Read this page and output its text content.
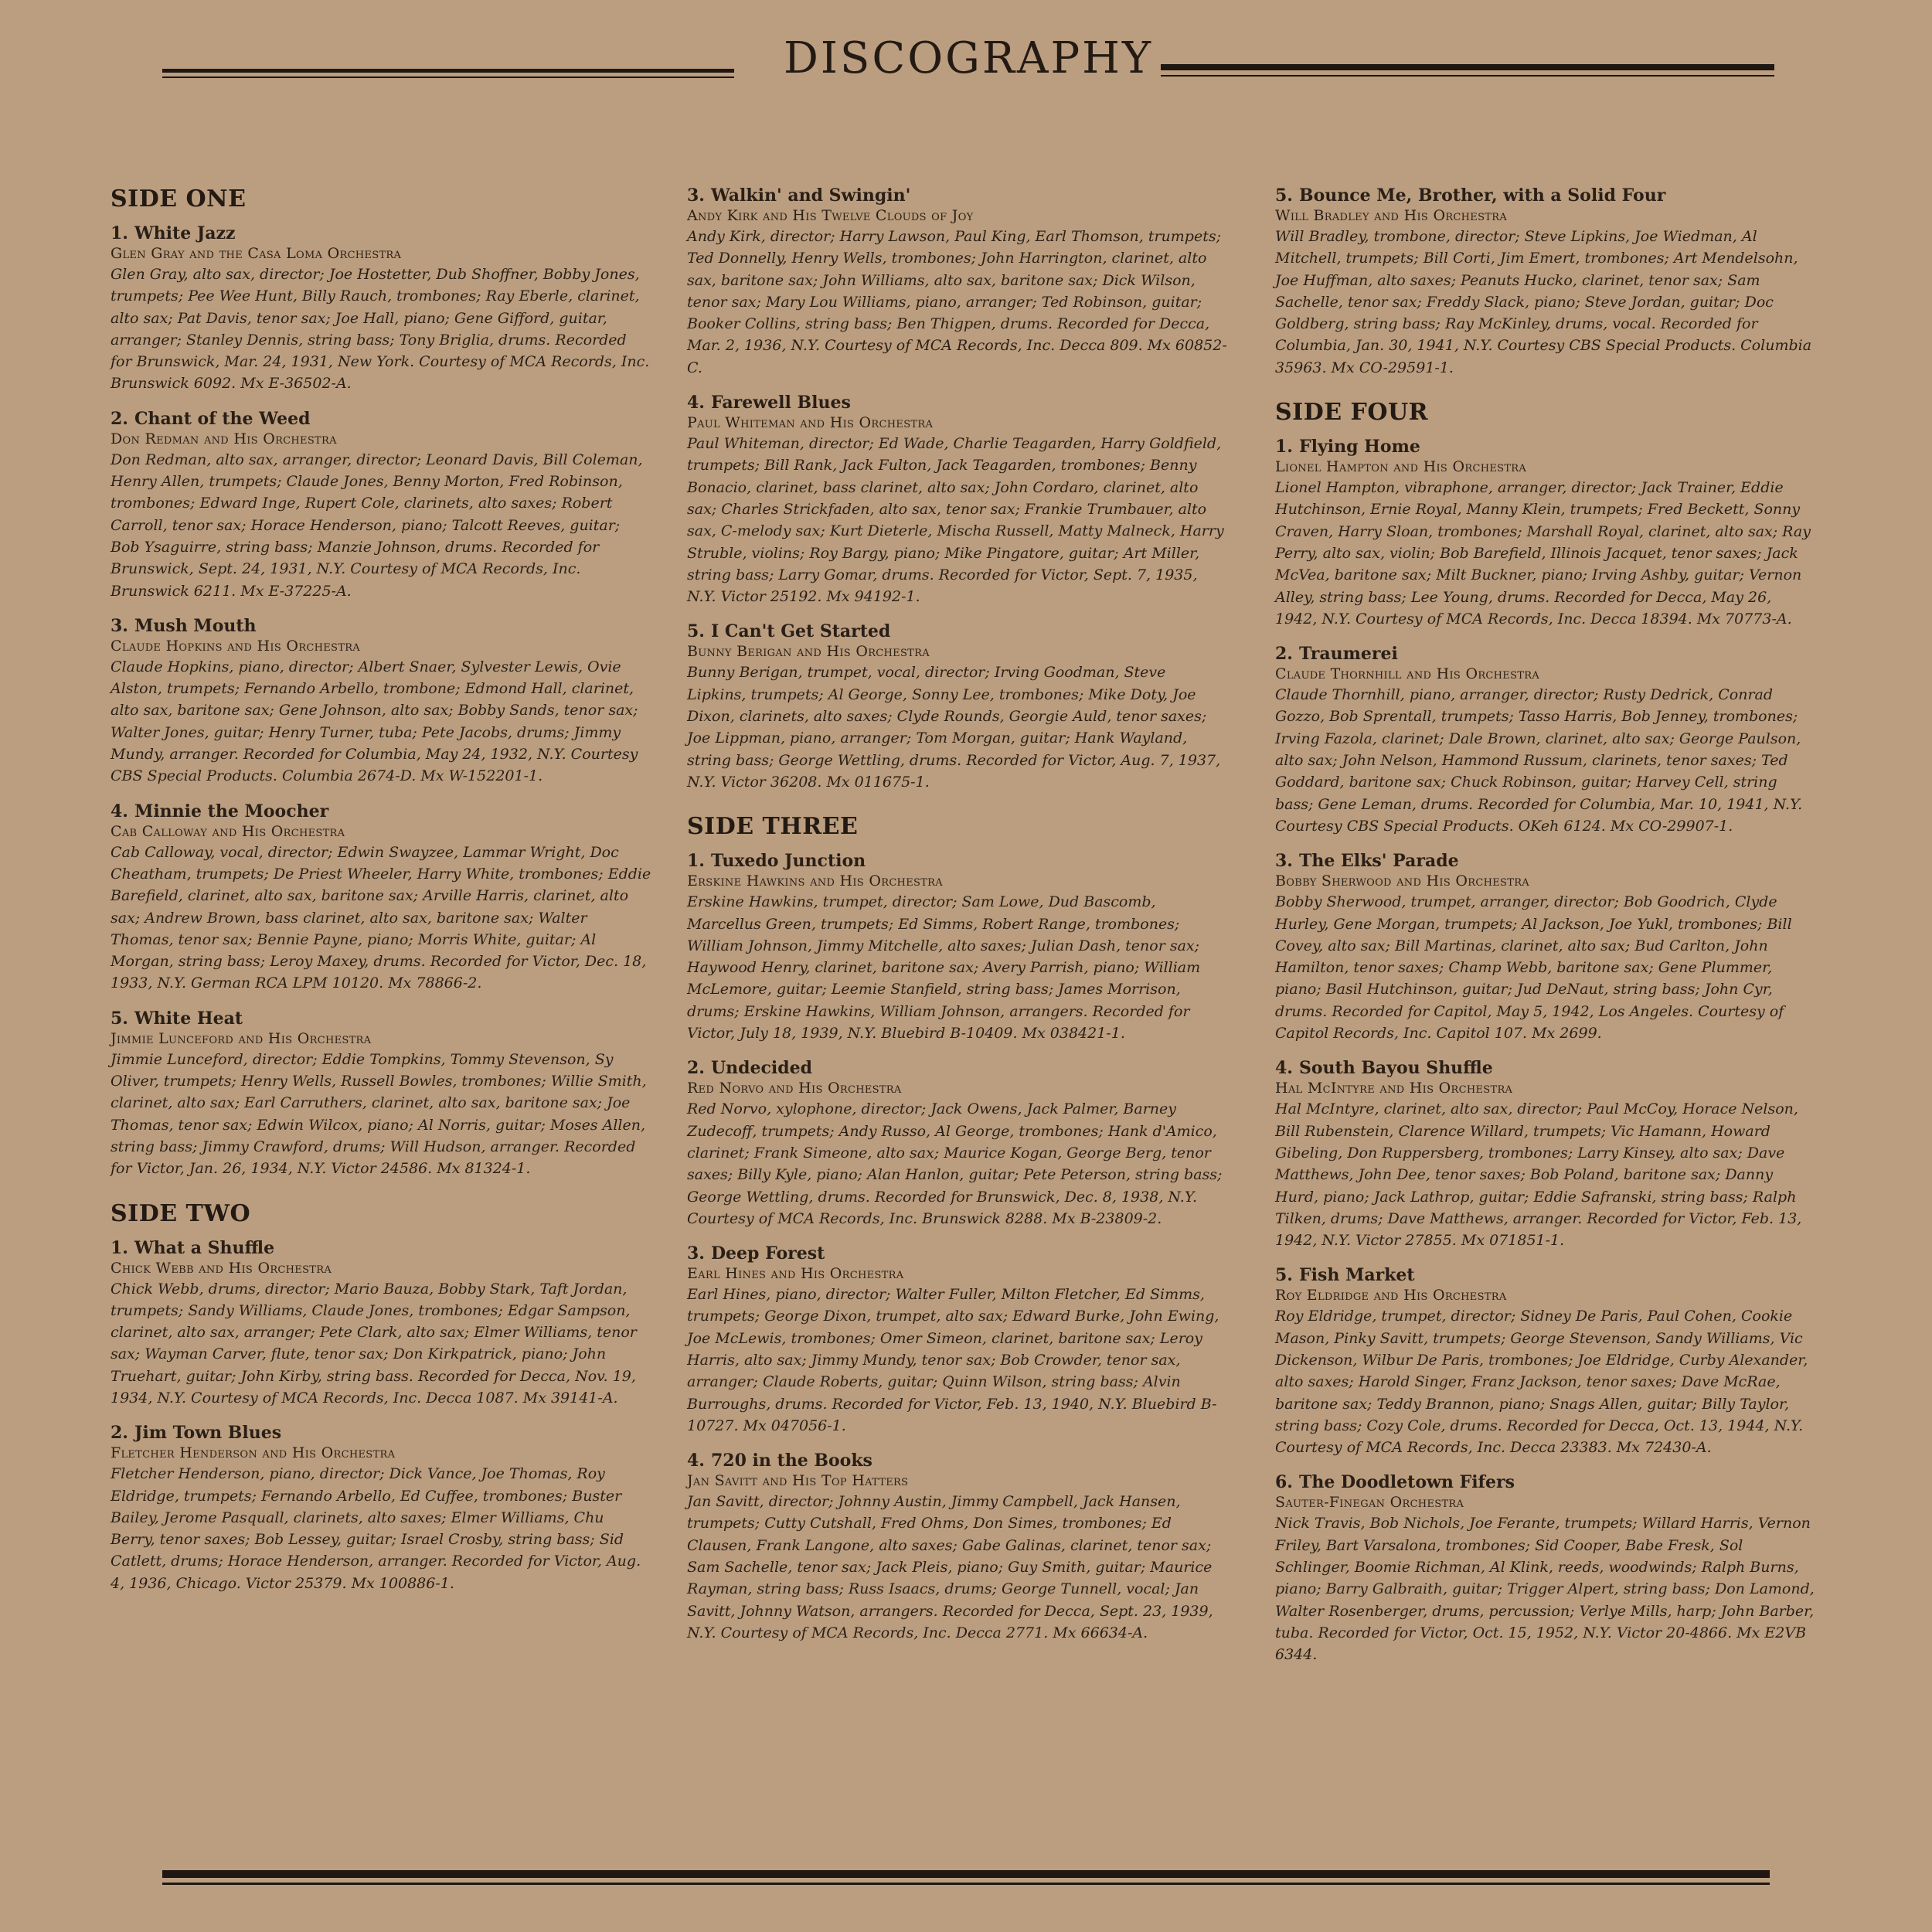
DISCOGRAPHY
SIDE ONE
1. White Jazz
Glen Gray and the Casa Loma Orchestra
Glen Gray, alto sax, director; Joe Hostetter, Dub Shoffner, Bobby Jones, trumpets; Pee Wee Hunt, Billy Rauch, trombones; Ray Eberle, clarinet, alto sax; Pat Davis, tenor sax; Joe Hall, piano; Gene Gifford, guitar, arranger; Stanley Dennis, string bass; Tony Briglia, drums. Recorded for Brunswick, Mar. 24, 1931, New York. Courtesy of MCA Records, Inc. Brunswick 6092. Mx E-36502-A.
2. Chant of the Weed
Don Redman and His Orchestra
Don Redman, alto sax, arranger, director; Leonard Davis, Bill Coleman, Henry Allen, trumpets; Claude Jones, Benny Morton, Fred Robinson, trombones; Edward Inge, Rupert Cole, clarinets, alto saxes; Robert Carroll, tenor sax; Horace Henderson, piano; Talcott Reeves, guitar; Bob Ysaguirre, string bass; Manzie Johnson, drums. Recorded for Brunswick, Sept. 24, 1931, N.Y. Courtesy of MCA Records, Inc. Brunswick 6211. Mx E-37225-A.
3. Mush Mouth
Claude Hopkins and His Orchestra
Claude Hopkins, piano, director; Albert Snaer, Sylvester Lewis, Ovie Alston, trumpets; Fernando Arbello, trombone; Edmond Hall, clarinet, alto sax, baritone sax; Gene Johnson, alto sax; Bobby Sands, tenor sax; Walter Jones, guitar; Henry Turner, tuba; Pete Jacobs, drums; Jimmy Mundy, arranger. Recorded for Columbia, May 24, 1932, N.Y. Courtesy CBS Special Products. Columbia 2674-D. Mx W-152201-1.
4. Minnie the Moocher
Cab Calloway and His Orchestra
Cab Calloway, vocal, director; Edwin Swayzee, Lammar Wright, Doc Cheatham, trumpets; De Priest Wheeler, Harry White, trombones; Eddie Barefield, clarinet, alto sax, baritone sax; Arville Harris, clarinet, alto sax; Andrew Brown, bass clarinet, alto sax, baritone sax; Walter Thomas, tenor sax; Bennie Payne, piano; Morris White, guitar; Al Morgan, string bass; Leroy Maxey, drums. Recorded for Victor, Dec. 18, 1933, N.Y. German RCA LPM 10120. Mx 78866-2.
5. White Heat
Jimmie Lunceford and His Orchestra
Jimmie Lunceford, director; Eddie Tompkins, Tommy Stevenson, Sy Oliver, trumpets; Henry Wells, Russell Bowles, trombones; Willie Smith, clarinet, alto sax; Earl Carruthers, clarinet, alto sax, baritone sax; Joe Thomas, tenor sax; Edwin Wilcox, piano; Al Norris, guitar; Moses Allen, string bass; Jimmy Crawford, drums; Will Hudson, arranger. Recorded for Victor, Jan. 26, 1934, N.Y. Victor 24586. Mx 81324-1.
SIDE TWO
1. What a Shuffle
Chick Webb and His Orchestra
Chick Webb, drums, director; Mario Bauza, Bobby Stark, Taft Jordan, trumpets; Sandy Williams, Claude Jones, trombones; Edgar Sampson, clarinet, alto sax, arranger; Pete Clark, alto sax; Elmer Williams, tenor sax; Wayman Carver, flute, tenor sax; Don Kirkpatrick, piano; John Truehart, guitar; John Kirby, string bass. Recorded for Decca, Nov. 19, 1934, N.Y. Courtesy of MCA Records, Inc. Decca 1087. Mx 39141-A.
2. Jim Town Blues
Fletcher Henderson and His Orchestra
Fletcher Henderson, piano, director; Dick Vance, Joe Thomas, Roy Eldridge, trumpets; Fernando Arbello, Ed Cuffee, trombones; Buster Bailey, Jerome Pasquall, clarinets, alto saxes; Elmer Williams, Chu Berry, tenor saxes; Bob Lessey, guitar; Israel Crosby, string bass; Sid Catlett, drums; Horace Henderson, arranger. Recorded for Victor, Aug. 4, 1936, Chicago. Victor 25379. Mx 100886-1.
3. Walkin' and Swingin'
Andy Kirk and His Twelve Clouds of Joy
Andy Kirk, director; Harry Lawson, Paul King, Earl Thomson, trumpets; Ted Donnelly, Henry Wells, trombones; John Harrington, clarinet, alto sax, baritone sax; John Williams, alto sax, baritone sax; Dick Wilson, tenor sax; Mary Lou Williams, piano, arranger; Ted Robinson, guitar; Booker Collins, string bass; Ben Thigpen, drums. Recorded for Decca, Mar. 2, 1936, N.Y. Courtesy of MCA Records, Inc. Decca 809. Mx 60852-C.
4. Farewell Blues
Paul Whiteman and His Orchestra
Paul Whiteman, director; Ed Wade, Charlie Teagarden, Harry Goldfield, trumpets; Bill Rank, Jack Fulton, Jack Teagarden, trombones; Benny Bonacio, clarinet, bass clarinet, alto sax; John Cordaro, clarinet, alto sax; Charles Strickfaden, alto sax, tenor sax; Frankie Trumbauer, alto sax, C-melody sax; Kurt Dieterle, Mischa Russell, Matty Malneck, Harry Struble, violins; Roy Bargy, piano; Mike Pingatore, guitar; Art Miller, string bass; Larry Gomar, drums. Recorded for Victor, Sept. 7, 1935, N.Y. Victor 25192. Mx 94192-1.
5. I Can't Get Started
Bunny Berigan and His Orchestra
Bunny Berigan, trumpet, vocal, director; Irving Goodman, Steve Lipkins, trumpets; Al George, Sonny Lee, trombones; Mike Doty, Joe Dixon, clarinets, alto saxes; Clyde Rounds, Georgie Auld, tenor saxes; Joe Lippman, piano, arranger; Tom Morgan, guitar; Hank Wayland, string bass; George Wettling, drums. Recorded for Victor, Aug. 7, 1937, N.Y. Victor 36208. Mx 011675-1.
SIDE THREE
1. Tuxedo Junction
Erskine Hawkins and His Orchestra
Erskine Hawkins, trumpet, director; Sam Lowe, Dud Bascomb, Marcellus Green, trumpets; Ed Simms, Robert Range, trombones; William Johnson, Jimmy Mitchelle, alto saxes; Julian Dash, tenor sax; Haywood Henry, clarinet, baritone sax; Avery Parrish, piano; William McLemore, guitar; Leemie Stanfield, string bass; James Morrison, drums; Erskine Hawkins, William Johnson, arrangers. Recorded for Victor, July 18, 1939, N.Y. Bluebird B-10409. Mx 038421-1.
2. Undecided
Red Norvo and His Orchestra
Red Norvo, xylophone, director; Jack Owens, Jack Palmer, Barney Zudecoff, trumpets; Andy Russo, Al George, trombones; Hank d'Amico, clarinet; Frank Simeone, alto sax; Maurice Kogan, George Berg, tenor saxes; Billy Kyle, piano; Alan Hanlon, guitar; Pete Peterson, string bass; George Wettling, drums. Recorded for Brunswick, Dec. 8, 1938, N.Y. Courtesy of MCA Records, Inc. Brunswick 8288. Mx B-23809-2.
3. Deep Forest
Earl Hines and His Orchestra
Earl Hines, piano, director; Walter Fuller, Milton Fletcher, Ed Simms, trumpets; George Dixon, trumpet, alto sax; Edward Burke, John Ewing, Joe McLewis, trombones; Omer Simeon, clarinet, baritone sax; Leroy Harris, alto sax; Jimmy Mundy, tenor sax; Bob Crowder, tenor sax, arranger; Claude Roberts, guitar; Quinn Wilson, string bass; Alvin Burroughs, drums. Recorded for Victor, Feb. 13, 1940, N.Y. Bluebird B-10727. Mx 047056-1.
4. 720 in the Books
Jan Savitt and His Top Hatters
Jan Savitt, director; Johnny Austin, Jimmy Campbell, Jack Hansen, trumpets; Cutty Cutshall, Fred Ohms, Don Simes, trombones; Ed Clausen, Frank Langone, alto saxes; Gabe Galinas, clarinet, tenor sax; Sam Sachelle, tenor sax; Jack Pleis, piano; Guy Smith, guitar; Maurice Rayman, string bass; Russ Isaacs, drums; George Tunnell, vocal; Jan Savitt, Johnny Watson, arrangers. Recorded for Decca, Sept. 23, 1939, N.Y. Courtesy of MCA Records, Inc. Decca 2771. Mx 66634-A.
5. Bounce Me, Brother, with a Solid Four
Will Bradley and His Orchestra
Will Bradley, trombone, director; Steve Lipkins, Joe Wiedman, Al Mitchell, trumpets; Bill Corti, Jim Emert, trombones; Art Mendelsohn, Joe Huffman, alto saxes; Peanuts Hucko, clarinet, tenor sax; Sam Sachelle, tenor sax; Freddy Slack, piano; Steve Jordan, guitar; Doc Goldberg, string bass; Ray McKinley, drums, vocal. Recorded for Columbia, Jan. 30, 1941, N.Y. Courtesy CBS Special Products. Columbia 35963. Mx CO-29591-1.
SIDE FOUR
1. Flying Home
Lionel Hampton and His Orchestra
Lionel Hampton, vibraphone, arranger, director; Jack Trainer, Eddie Hutchinson, Ernie Royal, Manny Klein, trumpets; Fred Beckett, Sonny Craven, Harry Sloan, trombones; Marshall Royal, clarinet, alto sax; Ray Perry, alto sax, violin; Bob Barefield, Illinois Jacquet, tenor saxes; Jack McVea, baritone sax; Milt Buckner, piano; Irving Ashby, guitar; Vernon Alley, string bass; Lee Young, drums. Recorded for Decca, May 26, 1942, N.Y. Courtesy of MCA Records, Inc. Decca 18394. Mx 70773-A.
2. Traumerei
Claude Thornhill and His Orchestra
Claude Thornhill, piano, arranger, director; Rusty Dedrick, Conrad Gozzo, Bob Sprentall, trumpets; Tasso Harris, Bob Jenney, trombones; Irving Fazola, clarinet; Dale Brown, clarinet, alto sax; George Paulson, alto sax; John Nelson, Hammond Russum, clarinets, tenor saxes; Ted Goddard, baritone sax; Chuck Robinson, guitar; Harvey Cell, string bass; Gene Leman, drums. Recorded for Columbia, Mar. 10, 1941, N.Y. Courtesy CBS Special Products. OKeh 6124. Mx CO-29907-1.
3. The Elks' Parade
Bobby Sherwood and His Orchestra
Bobby Sherwood, trumpet, arranger, director; Bob Goodrich, Clyde Hurley, Gene Morgan, trumpets; Al Jackson, Joe Yukl, trombones; Bill Covey, alto sax; Bill Martinas, clarinet, alto sax; Bud Carlton, John Hamilton, tenor saxes; Champ Webb, baritone sax; Gene Plummer, piano; Basil Hutchinson, guitar; Jud DeNaut, string bass; John Cyr, drums. Recorded for Capitol, May 5, 1942, Los Angeles. Courtesy of Capitol Records, Inc. Capitol 107. Mx 2699.
4. South Bayou Shuffle
Hal McIntyre and His Orchestra
Hal McIntyre, clarinet, alto sax, director; Paul McCoy, Horace Nelson, Bill Rubenstein, Clarence Willard, trumpets; Vic Hamann, Howard Gibeling, Don Ruppersberg, trombones; Larry Kinsey, alto sax; Dave Matthews, John Dee, tenor saxes; Bob Poland, baritone sax; Danny Hurd, piano; Jack Lathrop, guitar; Eddie Safranski, string bass; Ralph Tilken, drums; Dave Matthews, arranger. Recorded for Victor, Feb. 13, 1942, N.Y. Victor 27855. Mx 071851-1.
5. Fish Market
Roy Eldridge and His Orchestra
Roy Eldridge, trumpet, director; Sidney De Paris, Paul Cohen, Cookie Mason, Pinky Savitt, trumpets; George Stevenson, Sandy Williams, Vic Dickenson, Wilbur De Paris, trombones; Joe Eldridge, Curby Alexander, alto saxes; Harold Singer, Franz Jackson, tenor saxes; Dave McRae, baritone sax; Teddy Brannon, piano; Snags Allen, guitar; Billy Taylor, string bass; Cozy Cole, drums. Recorded for Decca, Oct. 13, 1944, N.Y. Courtesy of MCA Records, Inc. Decca 23383. Mx 72430-A.
6. The Doodletown Fifers
Sauter-Finegan Orchestra
Nick Travis, Bob Nichols, Joe Ferante, trumpets; Willard Harris, Vernon Friley, Bart Varsalona, trombones; Sid Cooper, Babe Fresk, Sol Schlinger, Boomie Richman, Al Klink, reeds, woodwinds; Ralph Burns, piano; Barry Galbraith, guitar; Trigger Alpert, string bass; Don Lamond, Walter Rosenberger, drums, percussion; Verlye Mills, harp; John Barber, tuba. Recorded for Victor, Oct. 15, 1952, N.Y. Victor 20-4866. Mx E2VB 6344.
